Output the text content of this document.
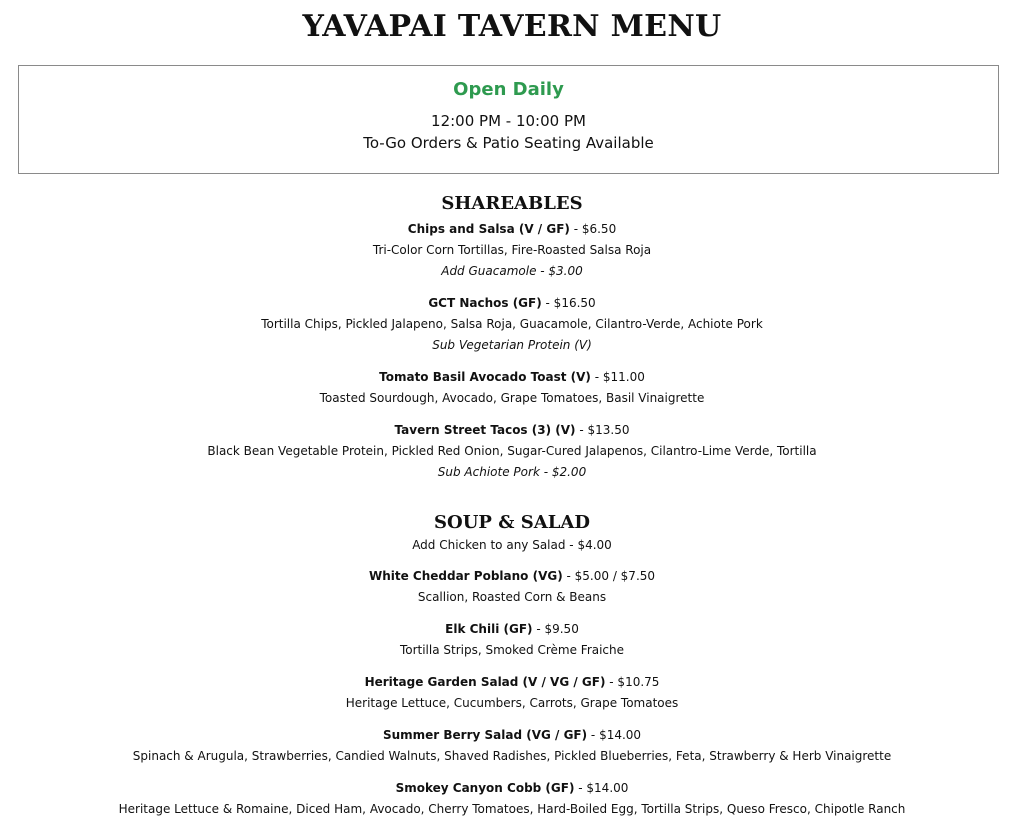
YAVAPAI TAVERN MENU
Open Daily
12:00 PM - 10:00 PM
To-Go Orders & Patio Seating Available
SHAREABLES
Chips and Salsa (V / GF) - $6.50
Tri-Color Corn Tortillas, Fire-Roasted Salsa Roja
Add Guacamole - $3.00
GCT Nachos (GF) - $16.50
Tortilla Chips, Pickled Jalapeno, Salsa Roja, Guacamole, Cilantro-Verde, Achiote Pork
Sub Vegetarian Protein (V)
Tomato Basil Avocado Toast (V) - $11.00
Toasted Sourdough, Avocado, Grape Tomatoes, Basil Vinaigrette
Tavern Street Tacos (3) (V) - $13.50
Black Bean Vegetable Protein, Pickled Red Onion, Sugar-Cured Jalapenos, Cilantro-Lime Verde, Tortilla
Sub Achiote Pork - $2.00
SOUP & SALAD
Add Chicken to any Salad - $4.00
White Cheddar Poblano (VG) - $5.00 / $7.50
Scallion, Roasted Corn & Beans
Elk Chili (GF) - $9.50
Tortilla Strips, Smoked Crème Fraiche
Heritage Garden Salad (V / VG / GF) - $10.75
Heritage Lettuce, Cucumbers, Carrots, Grape Tomatoes
Summer Berry Salad (VG / GF) - $14.00
Spinach & Arugula, Strawberries, Candied Walnuts, Shaved Radishes, Pickled Blueberries, Feta, Strawberry & Herb Vinaigrette
Smokey Canyon Cobb (GF) - $14.00
Heritage Lettuce & Romaine, Diced Ham, Avocado, Cherry Tomatoes, Hard-Boiled Egg, Tortilla Strips, Queso Fresco, Chipotle Ranch
